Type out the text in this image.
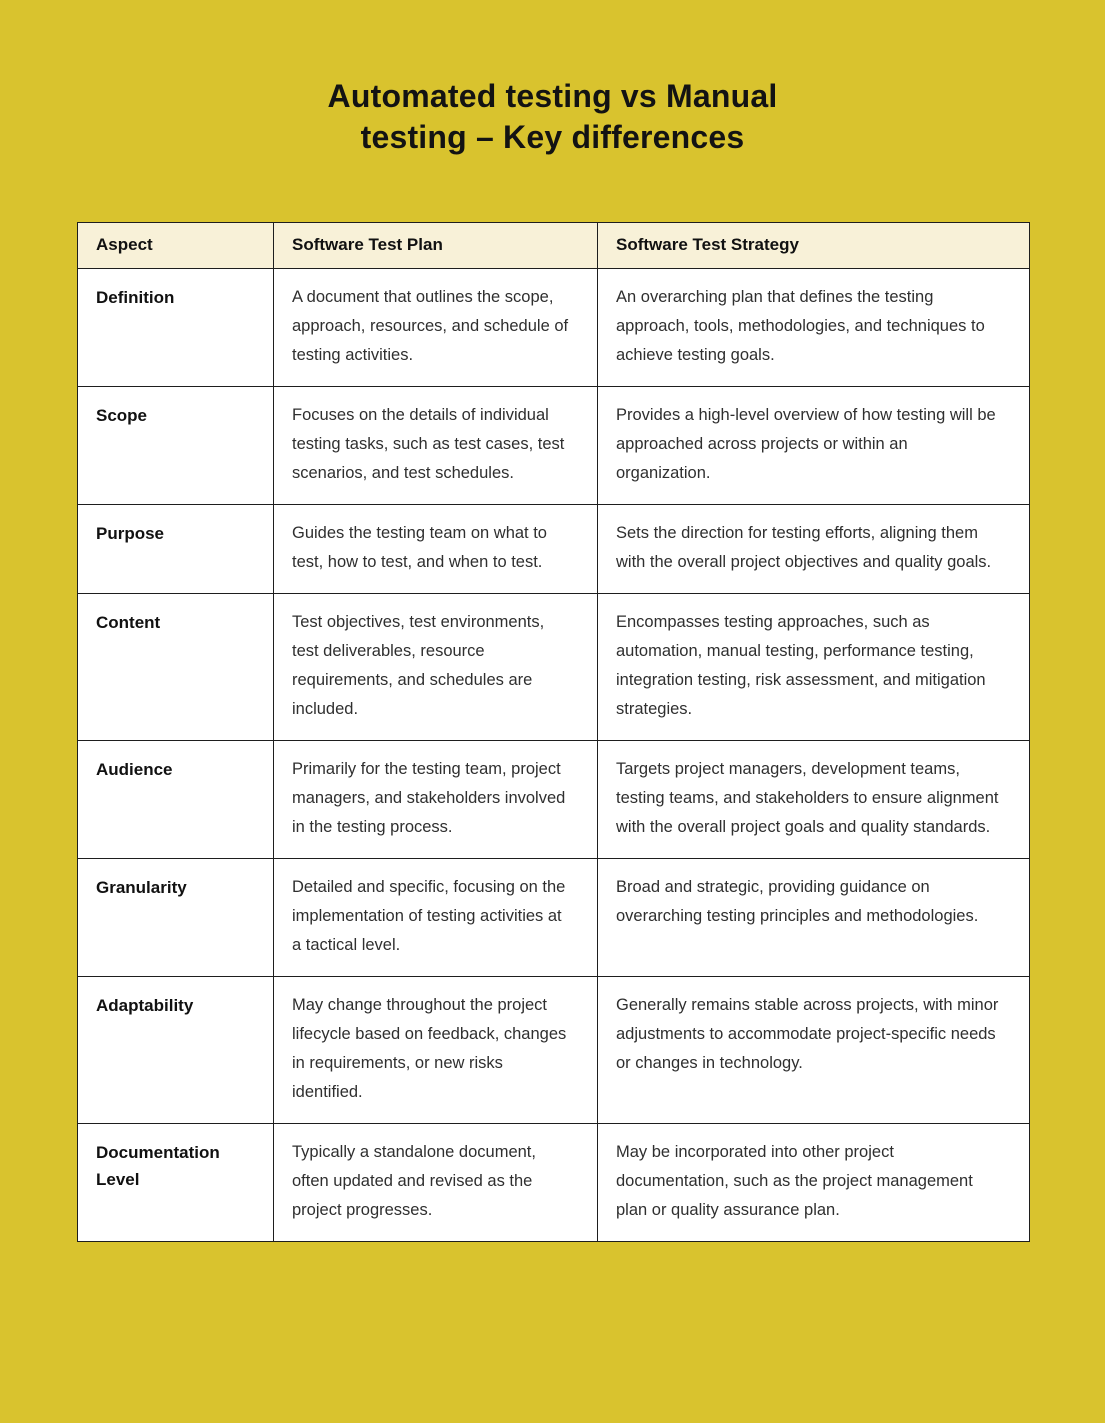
Automated testing vs Manual
testing – Key differences
Aspect	Software Test Plan	Software Test Strategy
Definition	A document that outlines the scope, approach, resources, and schedule of testing activities.	An overarching plan that defines the testing approach, tools, methodologies, and techniques to achieve testing goals.
Scope	Focuses on the details of individual testing tasks, such as test cases, test scenarios, and test schedules.	Provides a high-level overview of how testing will be approached across projects or within an organization.
Purpose	Guides the testing team on what to test, how to test, and when to test.	Sets the direction for testing efforts, aligning them with the overall project objectives and quality goals.
Content	Test objectives, test environments, test deliverables, resource requirements, and schedules are included.	Encompasses testing approaches, such as automation, manual testing, performance testing, integration testing, risk assessment, and mitigation strategies.
Audience	Primarily for the testing team, project managers, and stakeholders involved in the testing process.	Targets project managers, development teams, testing teams, and stakeholders to ensure alignment with the overall project goals and quality standards.
Granularity	Detailed and specific, focusing on the implementation of testing activities at a tactical level.	Broad and strategic, providing guidance on overarching testing principles and methodologies.
Adaptability	May change throughout the project lifecycle based on feedback, changes in requirements, or new risks identified.	Generally remains stable across projects, with minor adjustments to accommodate project-specific needs or changes in technology.
Documentation Level	Typically a standalone document, often updated and revised as the project progresses.	May be incorporated into other project documentation, such as the project management plan or quality assurance plan.
